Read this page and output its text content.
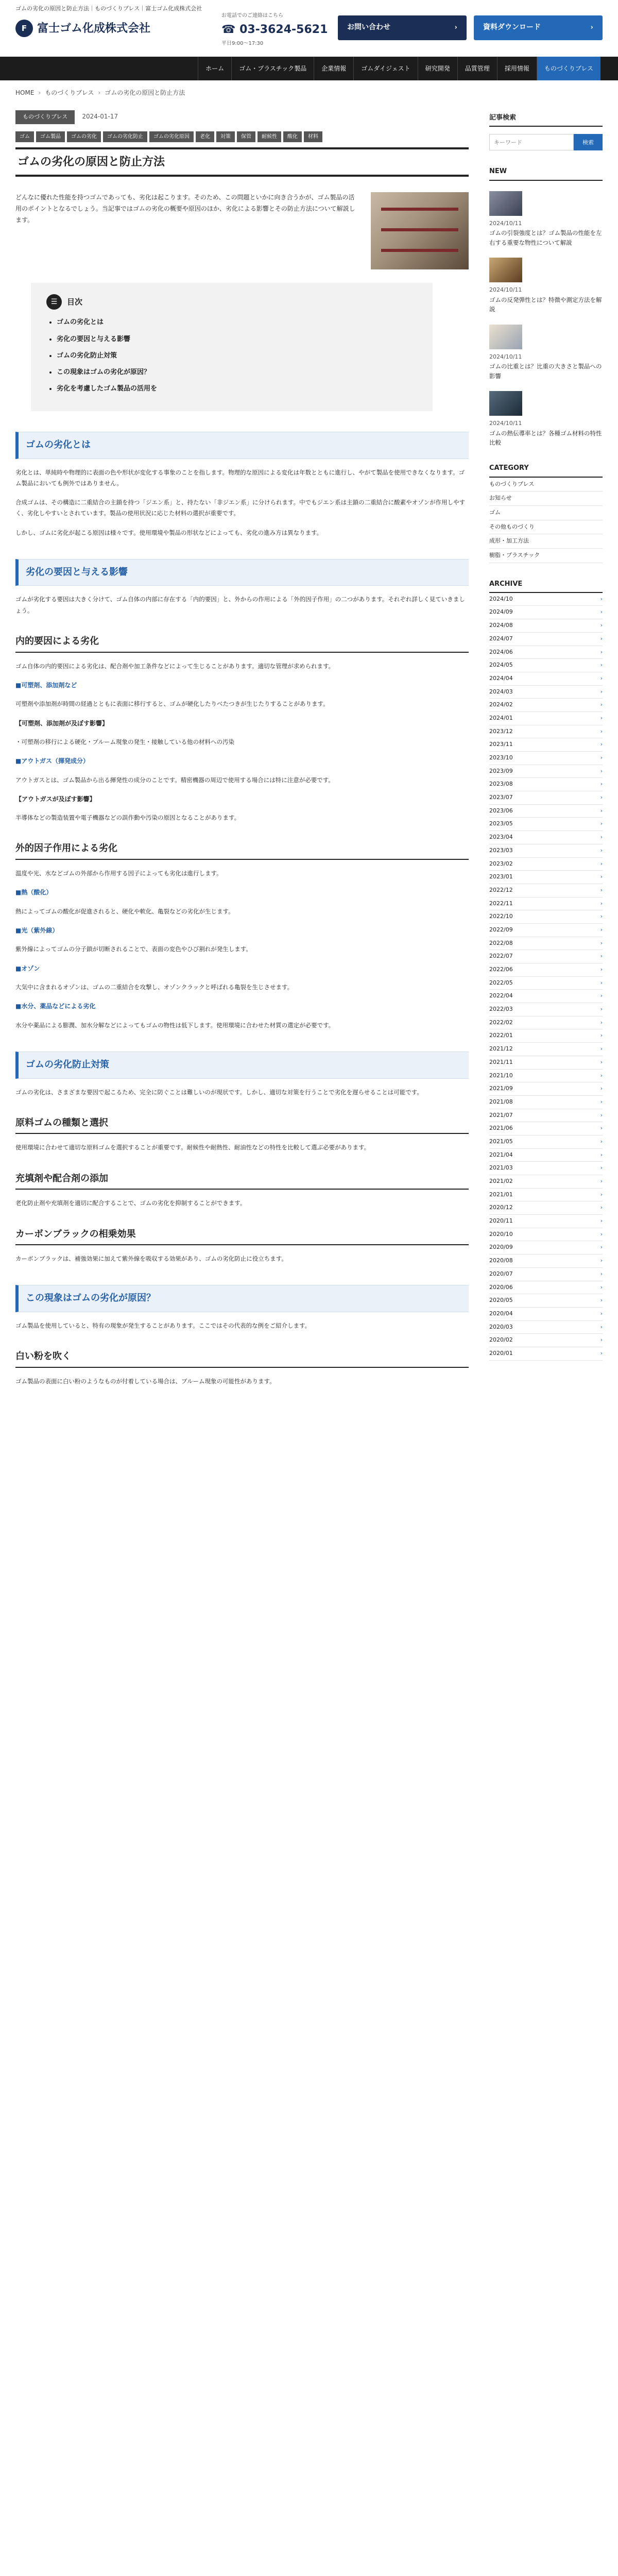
ゴムの劣化の原因と防止方法｜ものづくりブレス｜富士ゴム化成株式会社
F 富士ゴム化成株式会社
お電話でのご連絡はこちら
☎ 03-3624-5621
平日9:00〜17:30
お問い合わせ	›	資料ダウンロード	›
ホーム	ゴム・プラスチック製品	企業情報	ゴムダイジェスト	研究開発	品質管理	採用情報	ものづくりブレス
HOME › ものづくりブレス › ゴムの劣化の原因と防止方法
ものづくりブレス 2024-01-17
ゴム	ゴム製品	ゴムの劣化	ゴムの劣化防止	ゴムの劣化原因	老化	対策	保管	耐候性	酸化	材料
ゴムの劣化の原因と防止方法

どんなに優れた性能を持つゴムであっても、劣化は起こります。そのため、この問題といかに向き合うかが、ゴム製品の活用のポイントとなるでしょう。当記事ではゴムの劣化の概要や原因のほか、劣化による影響とその防止方法について解説します。

☰	目次
• ゴムの劣化とは
• 劣化の要因と与える影響
• ゴムの劣化防止対策
• この現象はゴムの劣化が原因？
• 劣化を考慮したゴム製品の活用を
ゴムの劣化とは

劣化とは、単純時や物理的に表面の色や形状が変化する事象のことを指します。物理的な原因による変化は年数とともに進行し、やがて製品を使用できなくなります。ゴム製品においても例外ではありません。

合成ゴムは、その構造に二重結合の主鎖を持つ「ジエン系」と、持たない「非ジエン系」に分けられます。中でもジエン系は主鎖の二重結合に酸素やオゾンが作用しやすく、劣化しやすいとされています。製品の使用状況に応じた材料の選択が重要です。

しかし、ゴムに劣化が起こる原因は様々です。使用環境や製品の形状などによっても、劣化の進み方は異なります。

劣化の要因と与える影響

ゴムが劣化する要因は大きく分けて、ゴム自体の内部に存在する「内的要因」と、外からの作用による「外的因子作用」の二つがあります。それぞれ詳しく見ていきましょう。

内的要因による劣化

ゴム自体の内的要因による劣化は、配合剤や加工条件などによって生じることがあります。適切な管理が求められます。

■可塑剤、添加剤など

可塑剤や添加剤が時間の経過とともに表面に移行すると、ゴムが硬化したりべたつきが生じたりすることがあります。

【可塑剤、添加剤が及ぼす影響】

・可塑剤の移行による硬化・ブルーム現象の発生・接触している他の材料への汚染

■アウトガス（揮発成分）

アウトガスとは、ゴム製品から出る揮発性の成分のことです。精密機器の周辺で使用する場合には特に注意が必要です。

【アウトガスが及ぼす影響】

半導体などの製造装置や電子機器などの誤作動や汚染の原因となることがあります。

外的因子作用による劣化

温度や光、水などゴムの外部から作用する因子によっても劣化は進行します。

■熱（酸化）

熱によってゴムの酸化が促進されると、硬化や軟化、亀裂などの劣化が生じます。

■光（紫外線）

紫外線によってゴムの分子鎖が切断されることで、表面の変色やひび割れが発生します。

■オゾン

大気中に含まれるオゾンは、ゴムの二重結合を攻撃し、オゾンクラックと呼ばれる亀裂を生じさせます。

■水分、薬品などによる劣化

水分や薬品による膨潤、加水分解などによってもゴムの物性は低下します。使用環境に合わせた材質の選定が必要です。

ゴムの劣化防止対策

ゴムの劣化は、さまざまな要因で起こるため、完全に防ぐことは難しいのが現状です。しかし、適切な対策を行うことで劣化を遅らせることは可能です。

原料ゴムの種類と選択

使用環境に合わせて適切な原料ゴムを選択することが重要です。耐候性や耐熱性、耐油性などの特性を比較して選ぶ必要があります。

充填剤や配合剤の添加

老化防止剤や充填剤を適切に配合することで、ゴムの劣化を抑制することができます。

カーボンブラックの相乗効果

カーボンブラックは、補強効果に加えて紫外線を吸収する効果があり、ゴムの劣化防止に役立ちます。

この現象はゴムの劣化が原因？

ゴム製品を使用していると、特有の現象が発生することがあります。ここではその代表的な例をご紹介します。

白い粉を吹く

ゴム製品の表面に白い粉のようなものが付着している場合は、ブルーム現象の可能性があります。

記事検索
キーワード
検索
NEW
2024/10/11
ゴムの引裂強度とは？ゴム製品の性能を左右する重要な物性について解説
2024/10/11
ゴムの反発弾性とは？特徴や測定方法を解説
2024/10/11
ゴムの比重とは？比重の大きさと製品への影響
2024/10/11
ゴムの熱伝導率とは？各種ゴム材料の特性比較
CATEGORY
ものづくりブレス
お知らせ
ゴム
その他ものづくり
成形・加工方法
樹脂・プラスチック
ARCHIVE
2024/10	›
2024/09	›
2024/08	›
2024/07	›
2024/06	›
2024/05	›
2024/04	›
2024/03	›
2024/02	›
2024/01	›
2023/12	›
2023/11	›
2023/10	›
2023/09	›
2023/08	›
2023/07	›
2023/06	›
2023/05	›
2023/04	›
2023/03	›
2023/02	›
2023/01	›
2022/12	›
2022/11	›
2022/10	›
2022/09	›
2022/08	›
2022/07	›
2022/06	›
2022/05	›
2022/04	›
2022/03	›
2022/02	›
2022/01	›
2021/12	›
2021/11	›
2021/10	›
2021/09	›
2021/08	›
2021/07	›
2021/06	›
2021/05	›
2021/04	›
2021/03	›
2021/02	›
2021/01	›
2020/12	›
2020/11	›
2020/10	›
2020/09	›
2020/08	›
2020/07	›
2020/06	›
2020/05	›
2020/04	›
2020/03	›
2020/02	›
2020/01	›
